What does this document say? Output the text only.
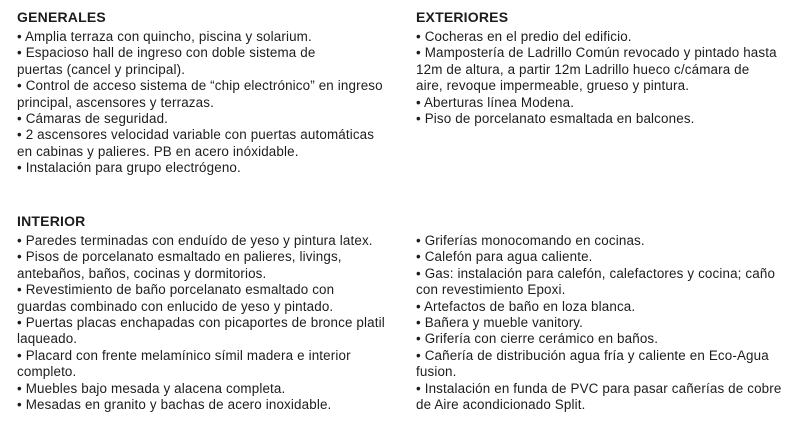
GENERALES
• Amplia terraza con quincho, piscina y solarium.
• Espacioso hall de ingreso con doble sistema de puertas (cancel y principal).
• Control de acceso sistema de “chip electrónico” en ingreso principal, ascensores y terrazas.
• Cámaras de seguridad.
• 2 ascensores velocidad variable con puertas automáticas en cabinas y palieres. PB en acero inóxidable.
• Instalación para grupo electrógeno.
EXTERIORES
• Cocheras en el predio del edificio.
• Mampostería de Ladrillo Común revocado y pintado hasta 12m de altura, a partir 12m Ladrillo hueco c/cámara de aire, revoque impermeable, grueso y pintura.
• Aberturas línea Modena.
• Piso de porcelanato esmaltada en balcones.
INTERIOR
• Paredes terminadas con enduído de yeso y pintura latex.
• Pisos de porcelanato esmaltado en palieres, livings, antebaños, baños, cocinas y dormitorios.
• Revestimiento de baño porcelanato esmaltado con guardas combinado con enlucido de yeso y pintado.
• Puertas placas enchapadas con picaportes de bronce platil laqueado.
• Placard con frente melamínico símil madera e interior completo.
• Muebles bajo mesada y alacena completa.
• Mesadas en granito y bachas de acero inoxidable.
• Griferías monocomando en cocinas.
• Calefón para agua caliente.
• Gas: instalación para calefón, calefactores y cocina; caño con revestimiento Epoxi.
• Artefactos de baño en loza blanca.
• Bañera y mueble vanitory.
• Grifería con cierre cerámico en baños.
• Cañería de distribución agua fría y caliente en Eco-Agua fusion.
• Instalación en funda de PVC para pasar cañerías de cobre de Aire acondicionado Split.
